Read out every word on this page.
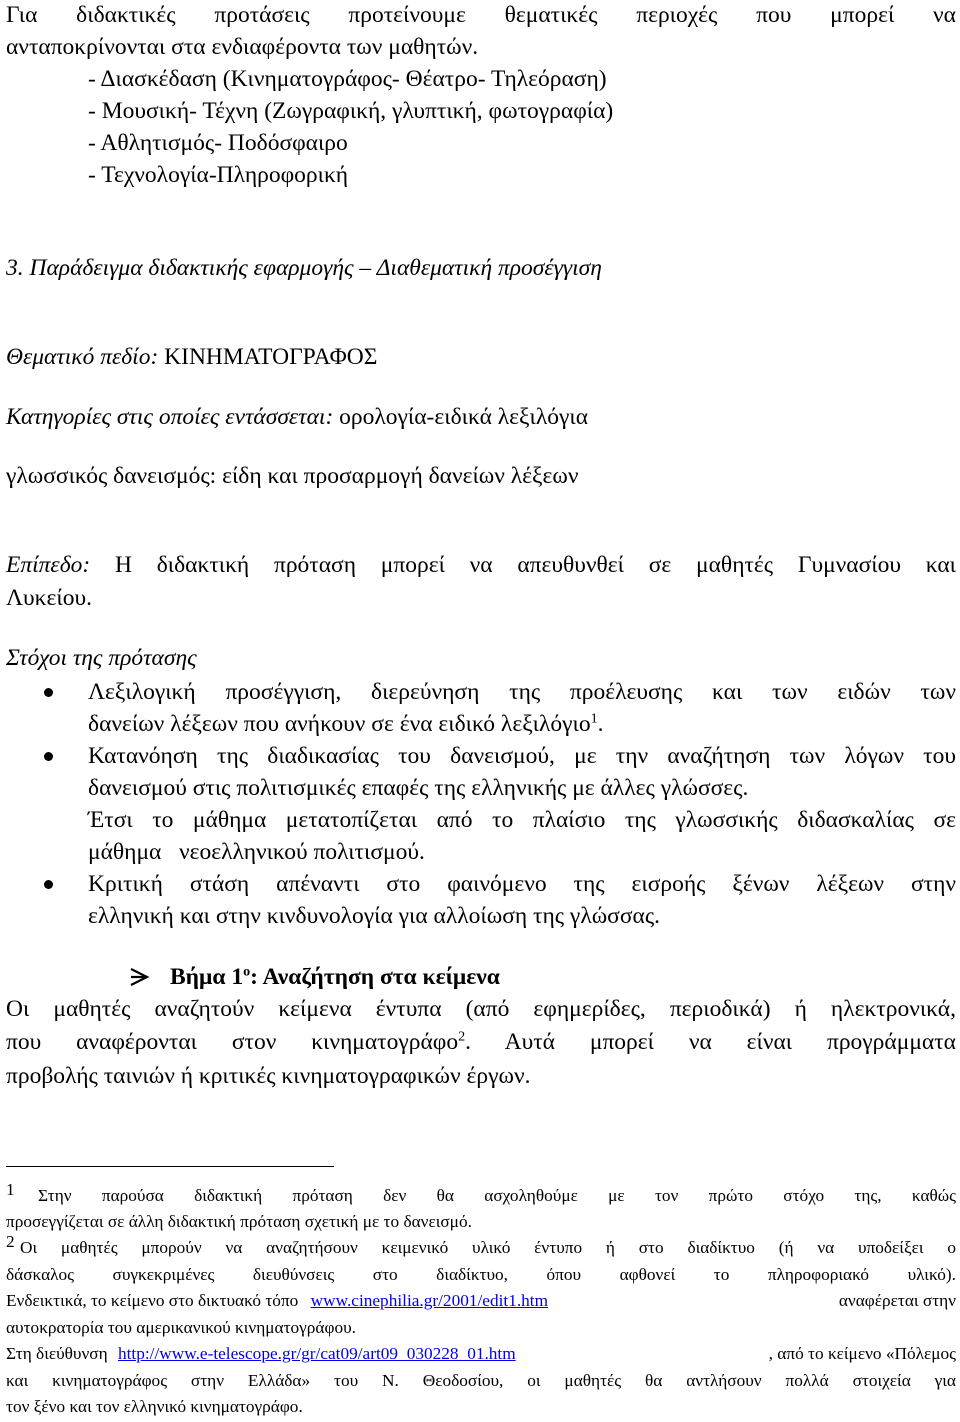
Για διδακτικές προτάσεις προτείνουμε θεματικές περιοχές που μπορεί να
ανταποκρίνονται στα ενδιαφέροντα των μαθητών.
- Διασκέδαση (Κινηματογράφος- Θέατρο- Τηλεόραση)
- Μουσική- Τέχνη (Ζωγραφική, γλυπτική, φωτογραφία)
- Αθλητισμός- Ποδόσφαιρο
- Τεχνολογία-Πληροφορική
3. Παράδειγμα διδακτικής εφαρμογής – Διαθεματική προσέγγιση
Θεματικό πεδίο: ΚΙΝΗΜΑΤΟΓΡΑΦΟΣ
Κατηγορίες στις οποίες εντάσσεται: ορολογία-ειδικά λεξιλόγια
γλωσσικός δανεισμός: είδη και προσαρμογή δανείων λέξεων
Επίπεδο: Η διδακτική πρόταση μπορεί να απευθυνθεί σε μαθητές Γυμνασίου και
Λυκείου.
Στόχοι της πρότασης
Λεξιλογική προσέγγιση, διερεύνηση της προέλευσης και των ειδών των
δανείων λέξεων που ανήκουν σε ένα ειδικό λεξιλόγιο$^1$.
Κατανόηση της διαδικασίας του δανεισμού, με την αναζήτηση των λόγων του
δανεισμού στις πολιτισμικές επαφές της ελληνικής με άλλες γλώσσες.
Έτσι το μάθημα μετατοπίζεται από το πλαίσιο της γλωσσικής διδασκαλίας σε
μάθημα   νεοελληνικού πολιτισμού.
Κριτική στάση απέναντι στο φαινόμενο της εισροής ξένων λέξεων στην
ελληνική και στην κινδυνολογία για αλλοίωση της γλώσσας.
Βήμα $1^o$: Αναζήτηση στα κείμενα
Οι μαθητές αναζητούν κείμενα έντυπα (από εφημερίδες, περιοδικά) ή ηλεκτρονικά,
που αναφέρονται στον κινηματογράφο$^2$. Αυτά μπορεί να είναι προγράμματα
προβολής ταινιών ή κριτικές κινηματογραφικών έργων.
1 Στην παρούσα διδακτική πρόταση δεν θα ασχοληθούμε με τον πρώτο στόχο της, καθώς
προσεγγίζεται σε άλλη διδακτική πρόταση σχετική με το δανεισμό.
2 Οι μαθητές μπορούν να αναζητήσουν κειμενικό υλικό έντυπο ή στο διαδίκτυο (ή να υποδείξει ο
δάσκαλος συγκεκριμένες διευθύνσεις στο διαδίκτυο, όπου αφθονεί το πληροφοριακό υλικό).
Ενδεικτικά, το κείμενο στο δικτυακό τόπο www.cinephilia.gr/2001/edit1.htm	αναφέρεται στην
αυτοκρατορία του αμερικανικού κινηματογράφου.
Στη διεύθυνση http://www.e-telescope.gr/gr/cat09/art09_030228_01.htm	, από το κείμενο «Πόλεμος
και κινηματογράφος στην Ελλάδα» του Ν. Θεοδοσίου, οι μαθητές θα αντλήσουν πολλά στοιχεία για
τον ξένο και τον ελληνικό κινηματογράφο.
